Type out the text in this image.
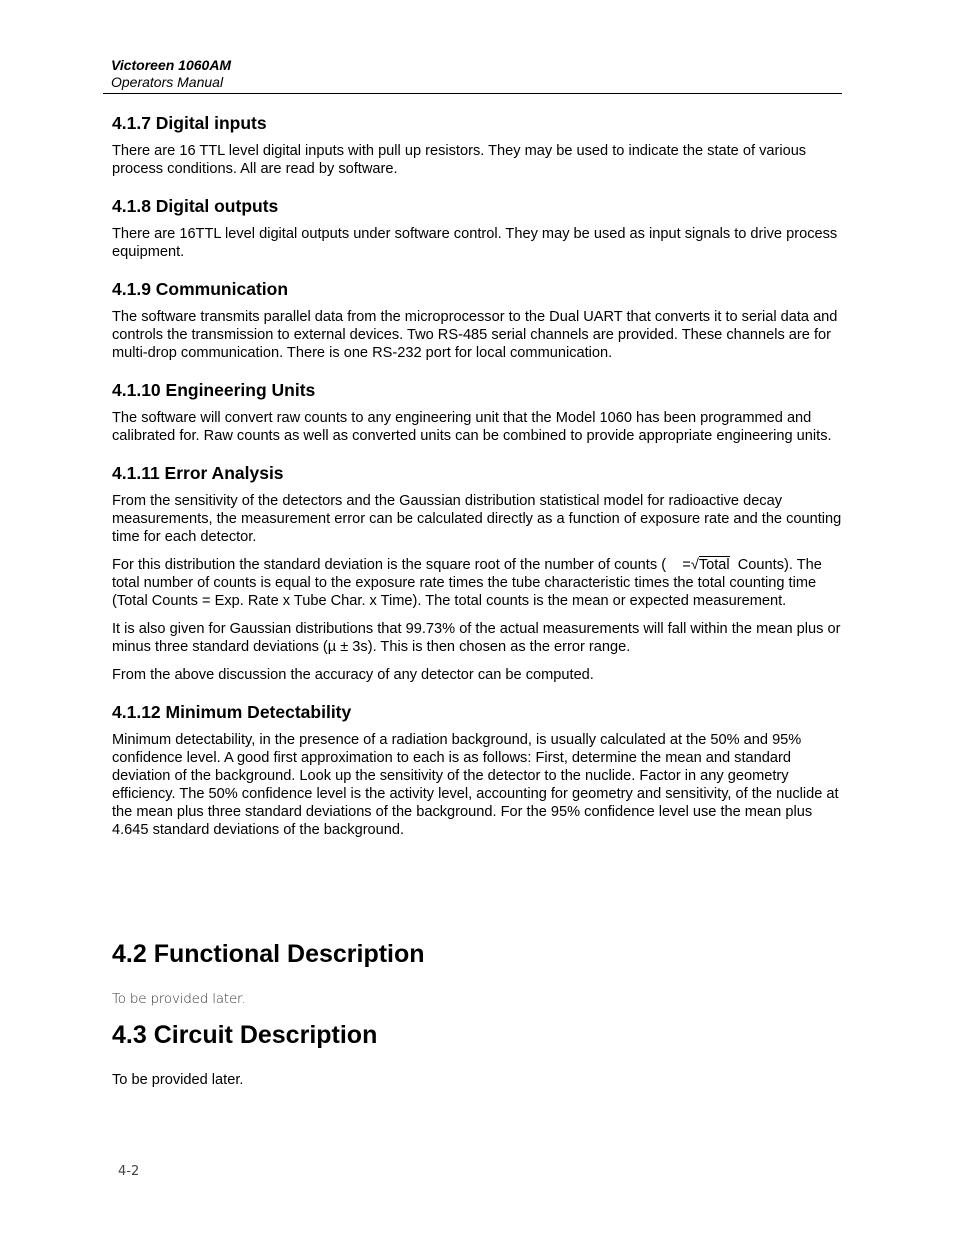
Victoreen 1060AM
Operators Manual
4.1.7 Digital inputs

There are 16 TTL level digital inputs with pull up resistors. They may be used to indicate the state of various process conditions. All are read by software.

4.1.8 Digital outputs

There are 16TTL level digital outputs under software control. They may be used as input signals to drive process equipment.

4.1.9 Communication

The software transmits parallel data from the microprocessor to the Dual UART that converts it to serial data and controls the transmission to external devices. Two RS-485 serial channels are provided. These channels are for multi-drop communication. There is one RS-232 port for local communication.

4.1.10 Engineering Units

The software will convert raw counts to any engineering unit that the Model 1060 has been programmed and calibrated for. Raw counts as well as converted units can be combined to provide appropriate engineering units.

4.1.11 Error Analysis

From the sensitivity of the detectors and the Gaussian distribution statistical model for radioactive decay measurements, the measurement error can be calculated directly as a function of exposure rate and the counting time for each detector.

For this distribution the standard deviation is the square root of the number of counts ( =√Total Counts). The total number of counts is equal to the exposure rate times the tube characteristic times the total counting time (Total Counts = Exp. Rate x Tube Char. x Time). The total counts is the mean or expected measurement.

It is also given for Gaussian distributions that 99.73% of the actual measurements will fall within the mean plus or minus three standard deviations (µ ± 3s). This is then chosen as the error range.

From the above discussion the accuracy of any detector can be computed.

4.1.12 Minimum Detectability

Minimum detectability, in the presence of a radiation background, is usually calculated at the 50% and 95% confidence level. A good first approximation to each is as follows: First, determine the mean and standard deviation of the background. Look up the sensitivity of the detector to the nuclide. Factor in any geometry efficiency. The 50% confidence level is the activity level, accounting for geometry and sensitivity, of the nuclide at the mean plus three standard deviations of the background. For the 95% confidence level use the mean plus 4.645 standard deviations of the background.

4.2 Functional Description
To be provided later.
4.3 Circuit Description
To be provided later.
4-2
